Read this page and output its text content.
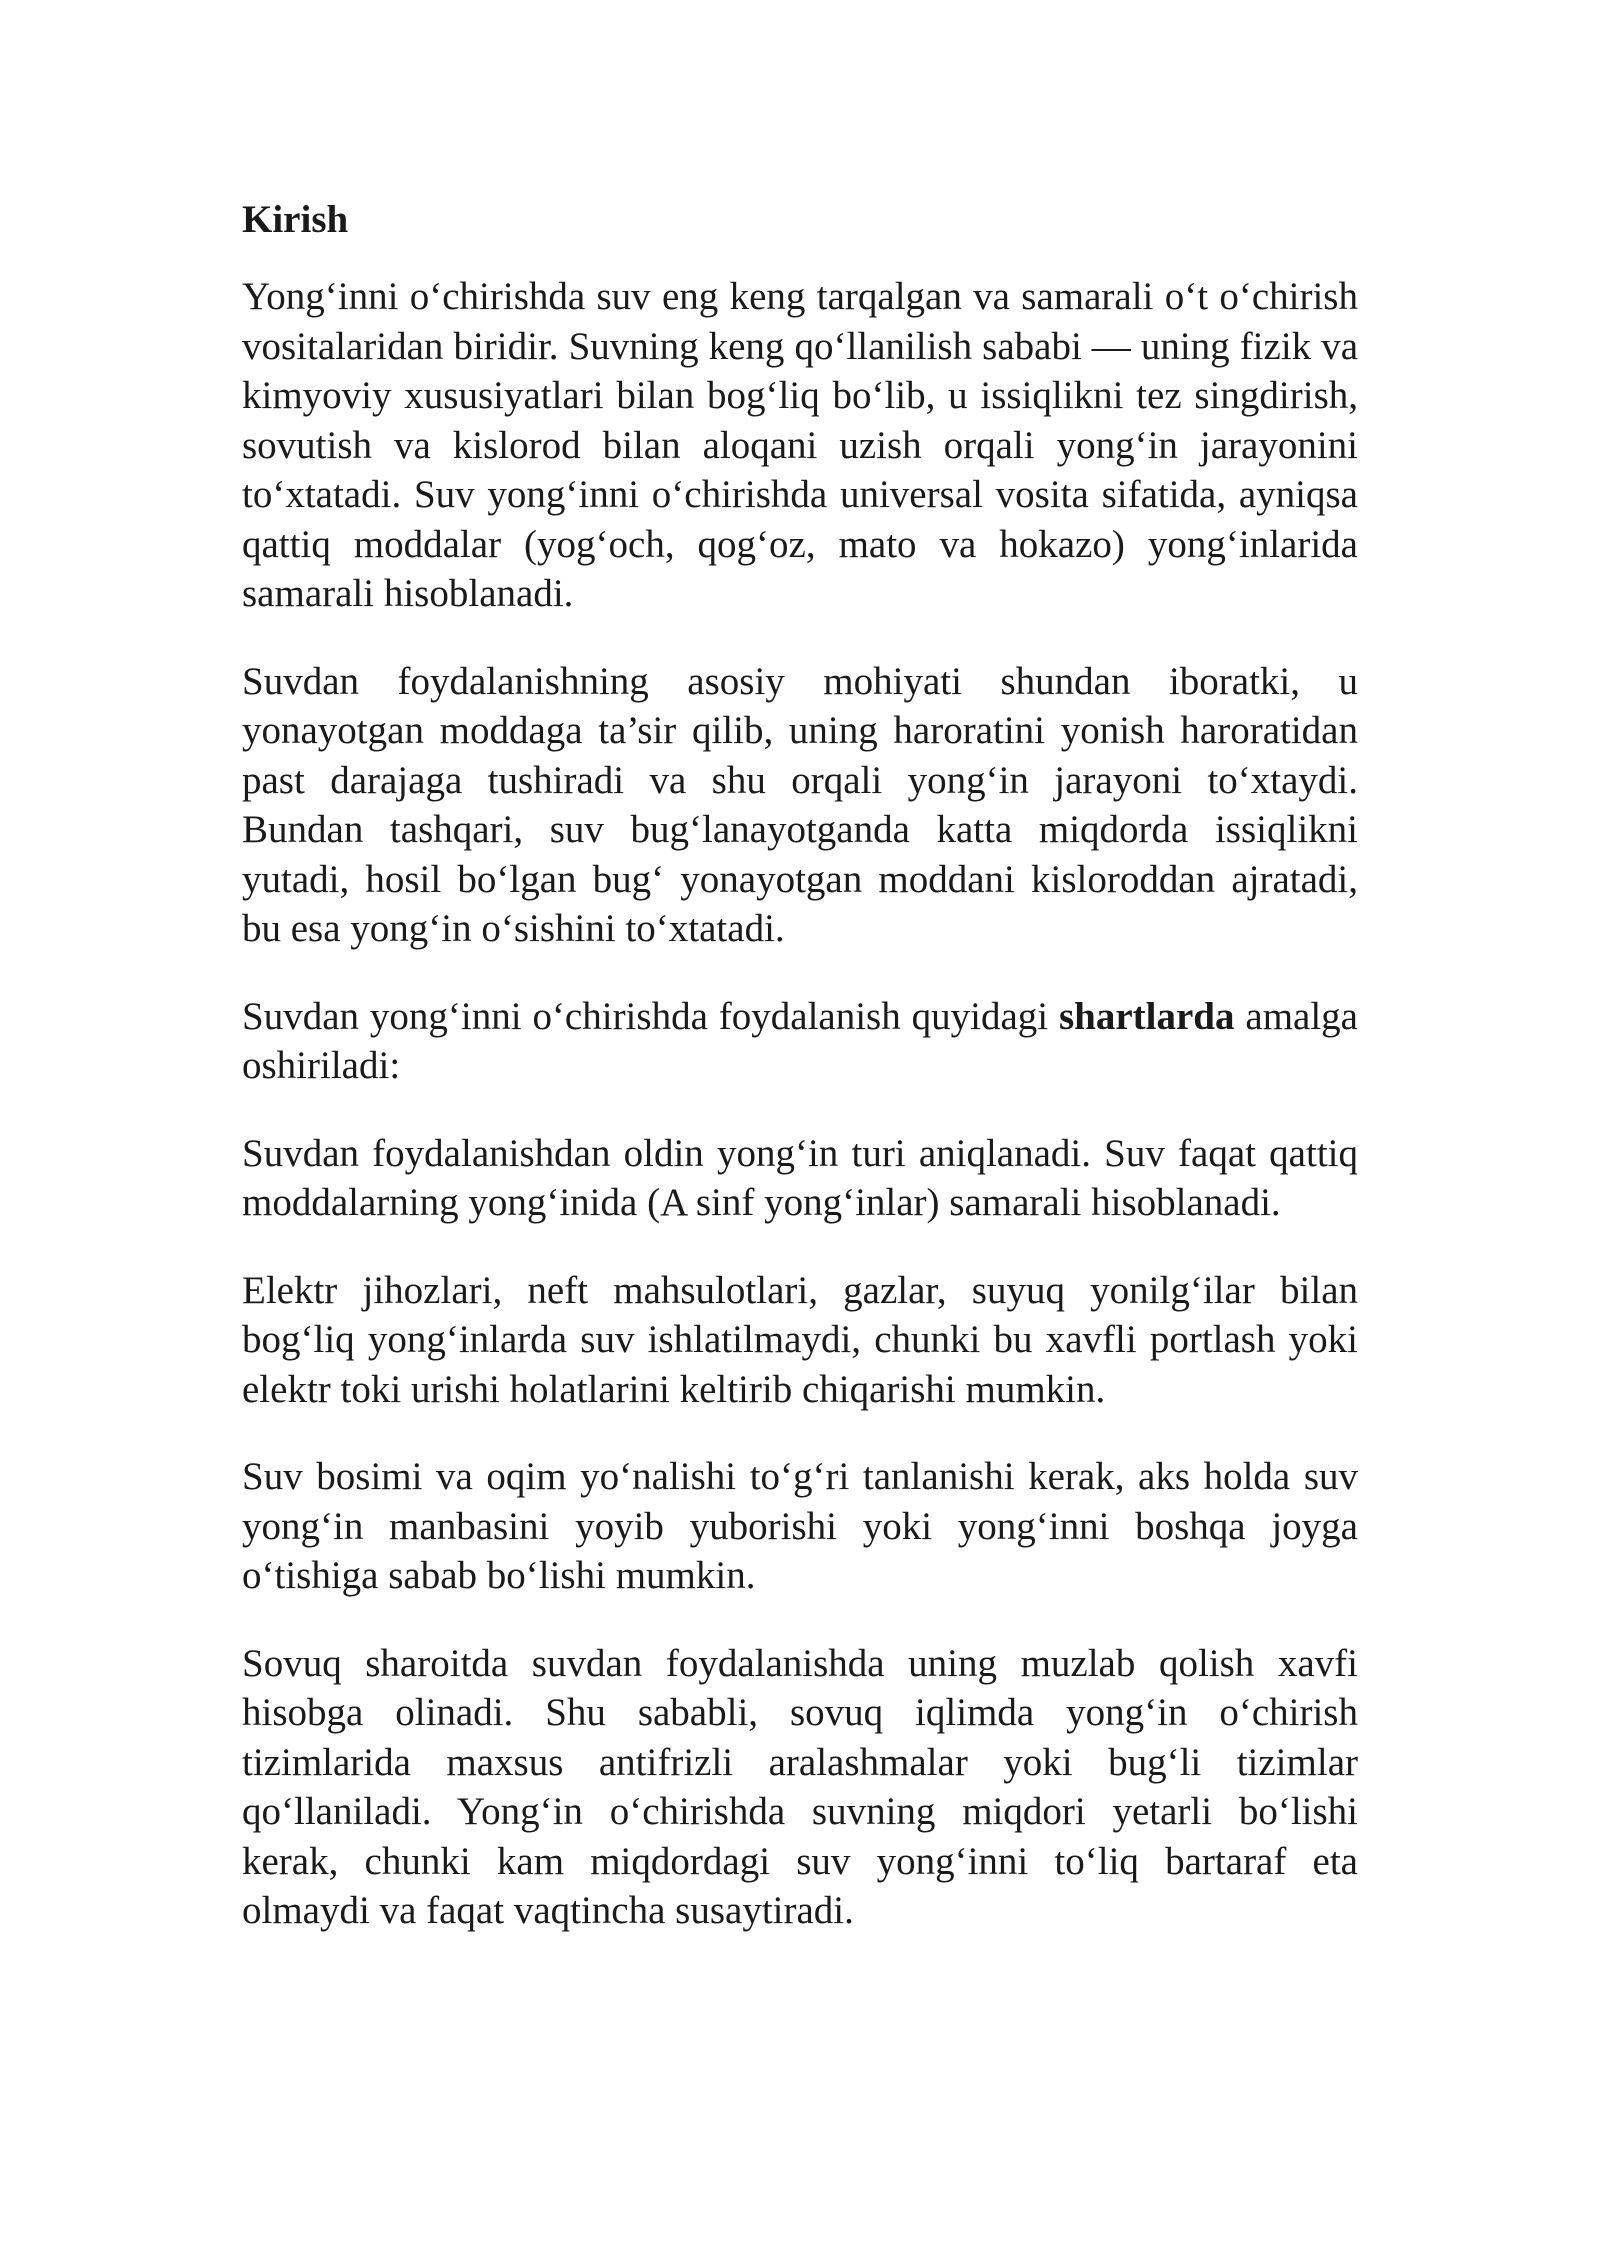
Kirish

Yong‘inni o‘chirishda suv eng keng tarqalgan va samarali o‘t o‘chirish vositalaridan biridir. Suvning keng qo‘llanilish sababi — uning fizik va kimyoviy xususiyatlari bilan bog‘liq bo‘lib, u issiqlikni tez singdirish, sovutish va kislorod bilan aloqani uzish orqali yong‘in jarayonini to‘xtatadi. Suv yong‘inni o‘chirishda universal vosita sifatida, ayniqsa qattiq moddalar (yog‘och, qog‘oz, mato va hokazo) yong‘inlarida samarali hisoblanadi.

Suvdan foydalanishning asosiy mohiyati shundan iboratki, u yonayotgan moddaga ta’sir qilib, uning haroratini yonish haroratidan past darajaga tushiradi va shu orqali yong‘in jarayoni to‘xtaydi. Bundan tashqari, suv bug‘lanayotganda katta miqdorda issiqlikni yutadi, hosil bo‘lgan bug‘ yonayotgan moddani kisloroddan ajratadi, bu esa yong‘in o‘sishini to‘xtatadi.

Suvdan yong‘inni o‘chirishda foydalanish quyidagi shartlarda amalga oshiriladi:

Suvdan foydalanishdan oldin yong‘in turi aniqlanadi. Suv faqat qattiq moddalarning yong‘inida (A sinf yong‘inlar) samarali hisoblanadi.

Elektr jihozlari, neft mahsulotlari, gazlar, suyuq yonilg‘ilar bilan bog‘liq yong‘inlarda suv ishlatilmaydi, chunki bu xavfli portlash yoki elektr toki urishi holatlarini keltirib chiqarishi mumkin.

Suv bosimi va oqim yo‘nalishi to‘g‘ri tanlanishi kerak, aks holda suv yong‘in manbasini yoyib yuborishi yoki yong‘inni boshqa joyga o‘tishiga sabab bo‘lishi mumkin.

Sovuq sharoitda suvdan foydalanishda uning muzlab qolish xavfi hisobga olinadi. Shu sababli, sovuq iqlimda yong‘in o‘chirish tizimlarida maxsus antifrizli aralashmalar yoki bug‘li tizimlar qo‘llaniladi. Yong‘in o‘chirishda suvning miqdori yetarli bo‘lishi kerak, chunki kam miqdordagi suv yong‘inni to‘liq bartaraf eta olmaydi va faqat vaqtincha susaytiradi.
